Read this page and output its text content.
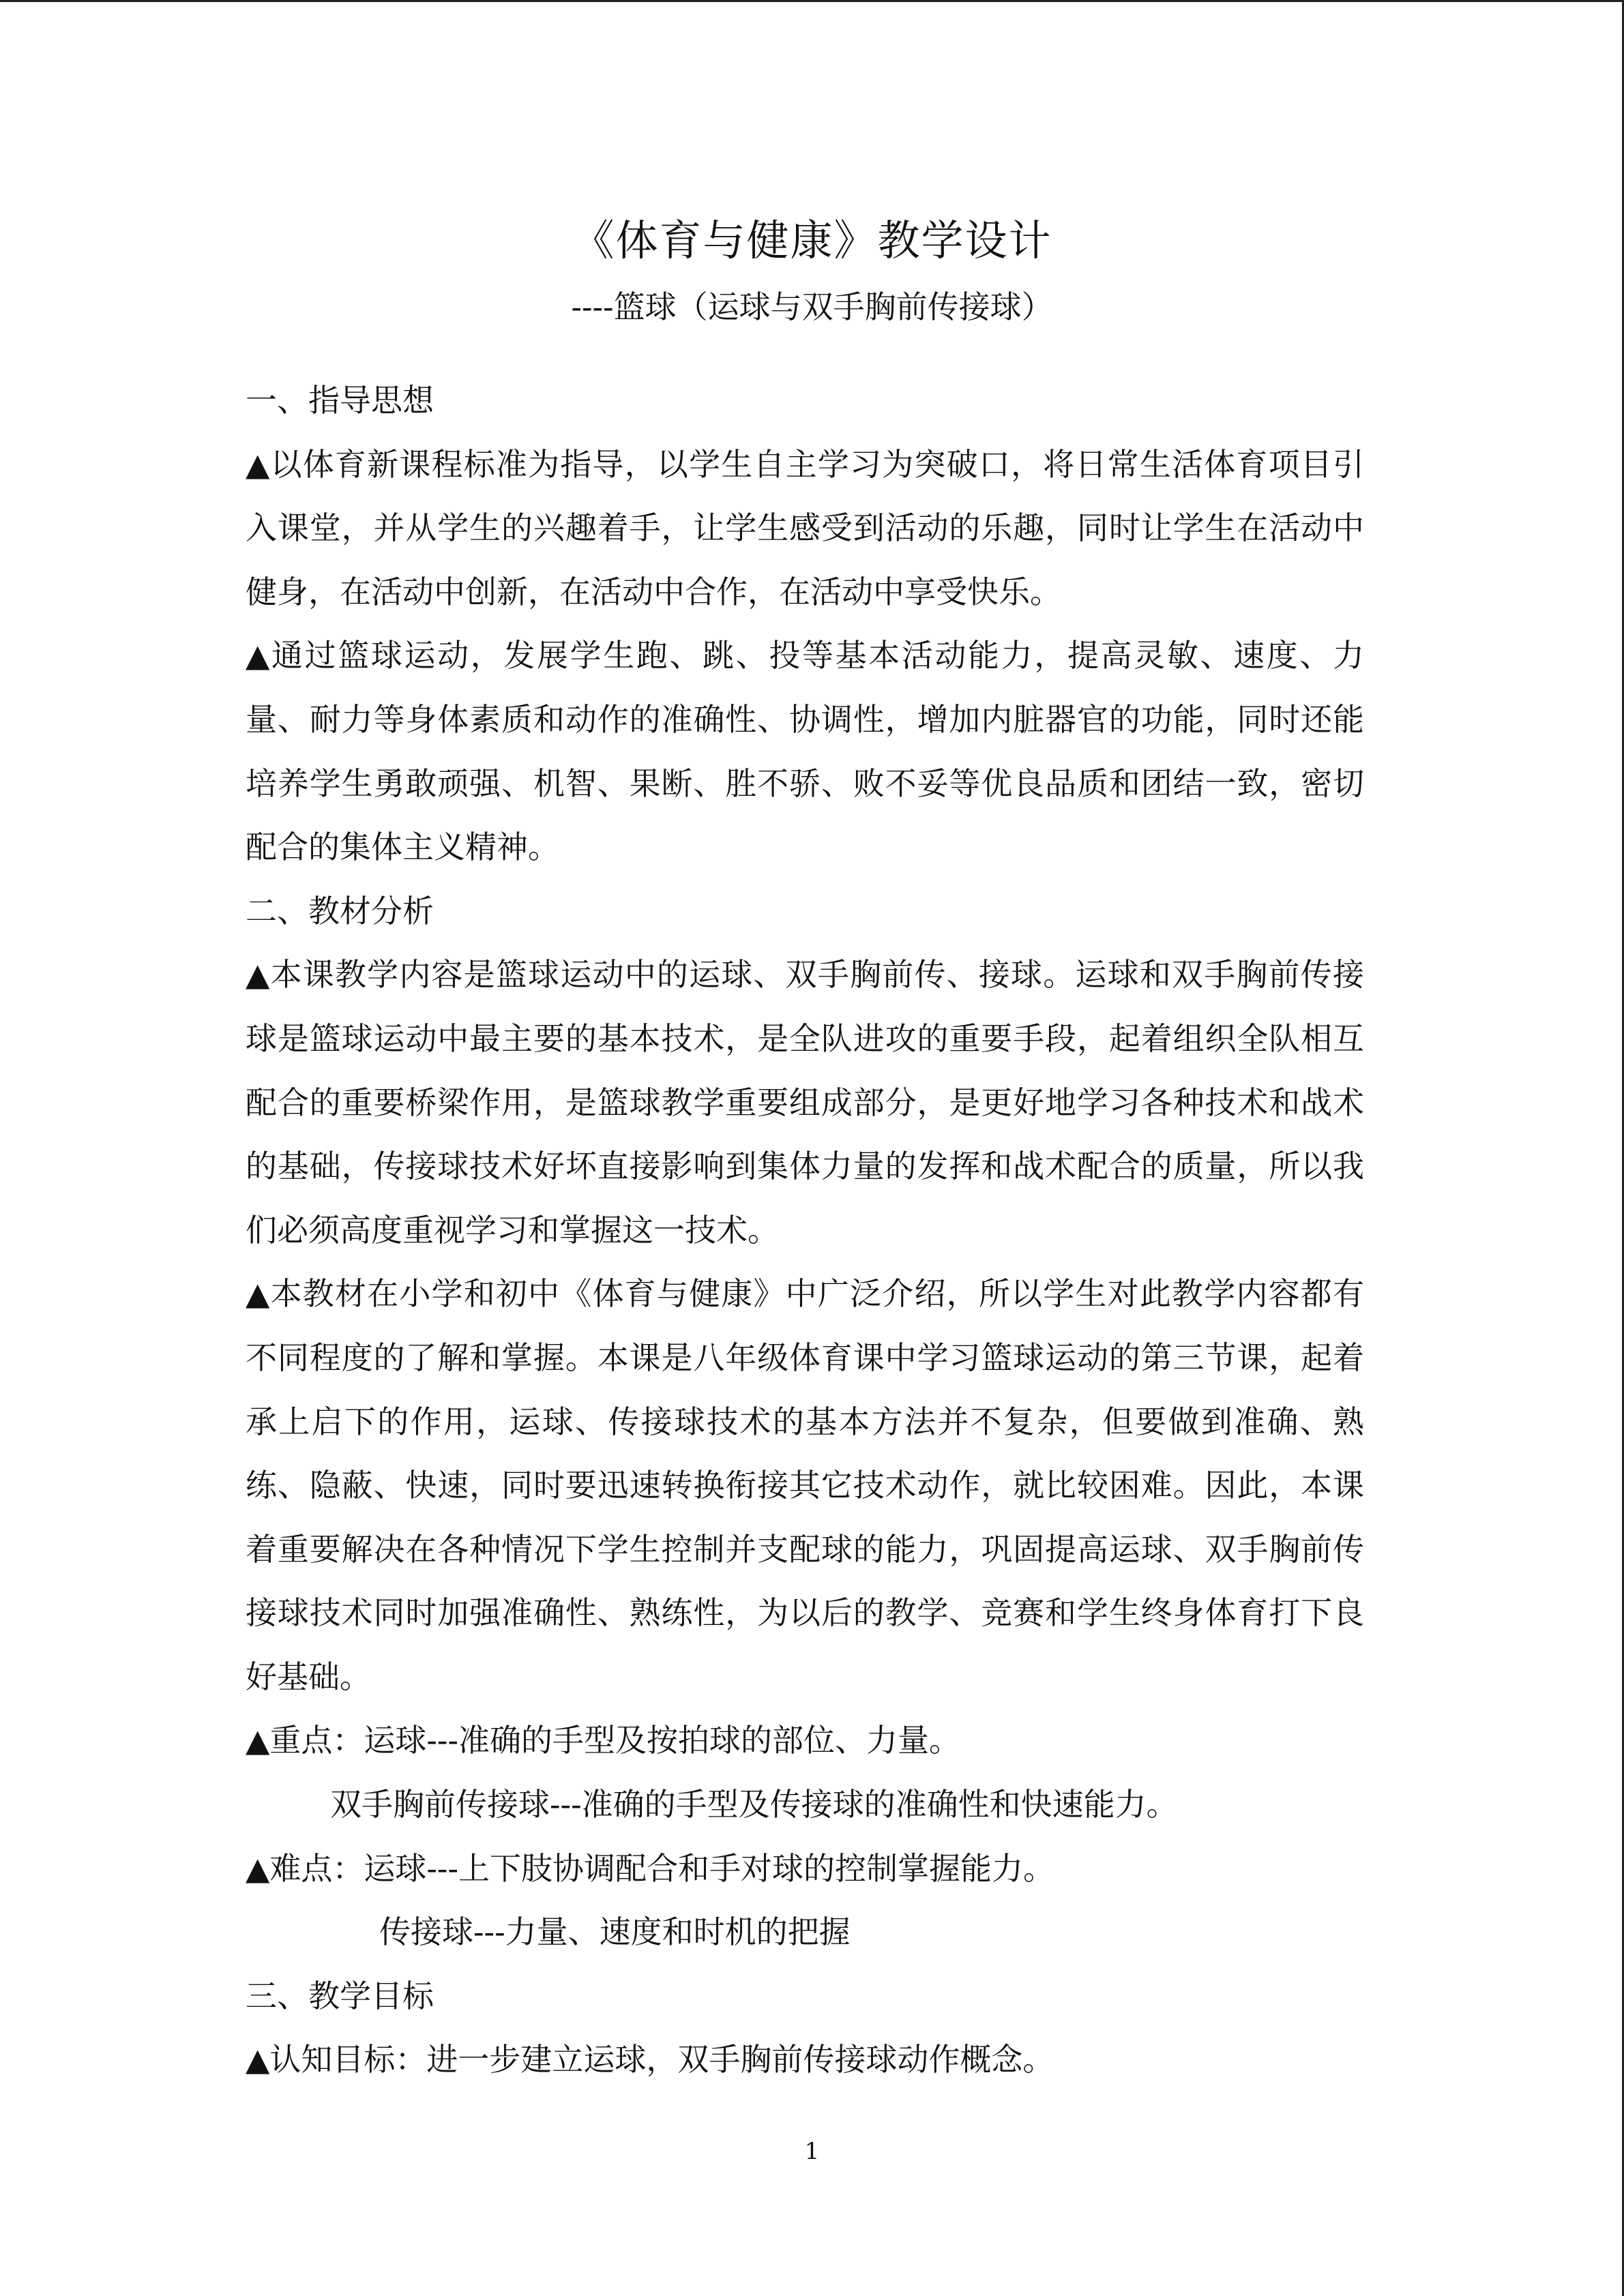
《体育与健康》教学设计
----篮球（运球与双手胸前传接球）

一、指导思想

▲以体育新课程标准为指导，以学生自主学习为突破口，将日常生活体育项目引入课堂，并从学生的兴趣着手，让学生感受到活动的乐趣，同时让学生在活动中健身，在活动中创新，在活动中合作，在活动中享受快乐。

▲通过篮球运动，发展学生跑、跳、投等基本活动能力，提高灵敏、速度、力量、耐力等身体素质和动作的准确性、协调性，增加内脏器官的功能，同时还能培养学生勇敢顽强、机智、果断、胜不骄、败不妥等优良品质和团结一致，密切配合的集体主义精神。

二、教材分析

▲本课教学内容是篮球运动中的运球、双手胸前传、接球。运球和双手胸前传接球是篮球运动中最主要的基本技术，是全队进攻的重要手段，起着组织全队相互配合的重要桥梁作用，是篮球教学重要组成部分，是更好地学习各种技术和战术的基础，传接球技术好坏直接影响到集体力量的发挥和战术配合的质量，所以我们必须高度重视学习和掌握这一技术。

▲本教材在小学和初中《体育与健康》中广泛介绍，所以学生对此教学内容都有不同程度的了解和掌握。本课是八年级体育课中学习篮球运动的第三节课，起着承上启下的作用，运球、传接球技术的基本方法并不复杂，但要做到准确、熟练、隐蔽、快速，同时要迅速转换衔接其它技术动作，就比较困难。因此，本课着重要解决在各种情况下学生控制并支配球的能力，巩固提高运球、双手胸前传接球技术同时加强准确性、熟练性，为以后的教学、竞赛和学生终身体育打下良好基础。

▲重点：运球---准确的手型及按拍球的部位、力量。

双手胸前传接球---准确的手型及传接球的准确性和快速能力。

▲难点：运球---上下肢协调配合和手对球的控制掌握能力。

传接球---力量、速度和时机的把握

三、教学目标

▲认知目标：进一步建立运球，双手胸前传接球动作概念。

1
